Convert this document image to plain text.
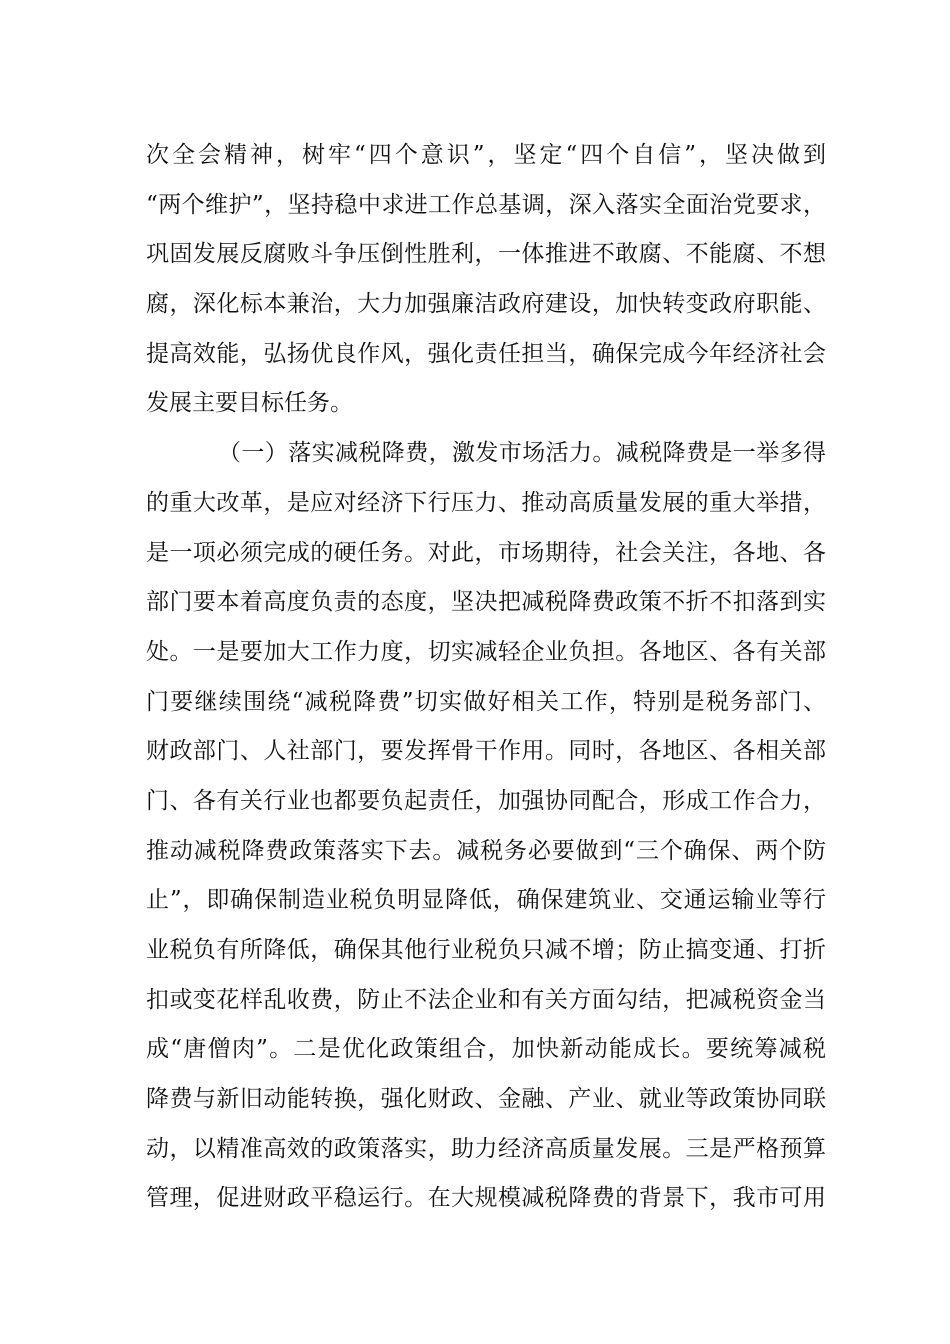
次全会精神，树牢“四个意识”，坚定“四个自信”，坚决做到
“两个维护”，坚持稳中求进工作总基调，深入落实全面治党要求，
巩固发展反腐败斗争压倒性胜利，一体推进不敢腐、不能腐、不想
腐，深化标本兼治，大力加强廉洁政府建设，加快转变政府职能、
提高效能，弘扬优良作风，强化责任担当，确保完成今年经济社会
发展主要目标任务。
（一）落实减税降费，激发市场活力。减税降费是一举多得
的重大改革，是应对经济下行压力、推动高质量发展的重大举措，
是一项必须完成的硬任务。对此，市场期待，社会关注，各地、各
部门要本着高度负责的态度，坚决把减税降费政策不折不扣落到实
处。一是要加大工作力度，切实减轻企业负担。各地区、各有关部
门要继续围绕“减税降费”切实做好相关工作，特别是税务部门、
财政部门、人社部门，要发挥骨干作用。同时，各地区、各相关部
门、各有关行业也都要负起责任，加强协同配合，形成工作合力，
推动减税降费政策落实下去。减税务必要做到“三个确保、两个防
止”，即确保制造业税负明显降低，确保建筑业、交通运输业等行
业税负有所降低，确保其他行业税负只减不增；防止搞变通、打折
扣或变花样乱收费，防止不法企业和有关方面勾结，把减税资金当
成“唐僧肉”。二是优化政策组合，加快新动能成长。要统筹减税
降费与新旧动能转换，强化财政、金融、产业、就业等政策协同联
动，以精准高效的政策落实，助力经济高质量发展。三是严格预算
管理，促进财政平稳运行。在大规模减税降费的背景下，我市可用
